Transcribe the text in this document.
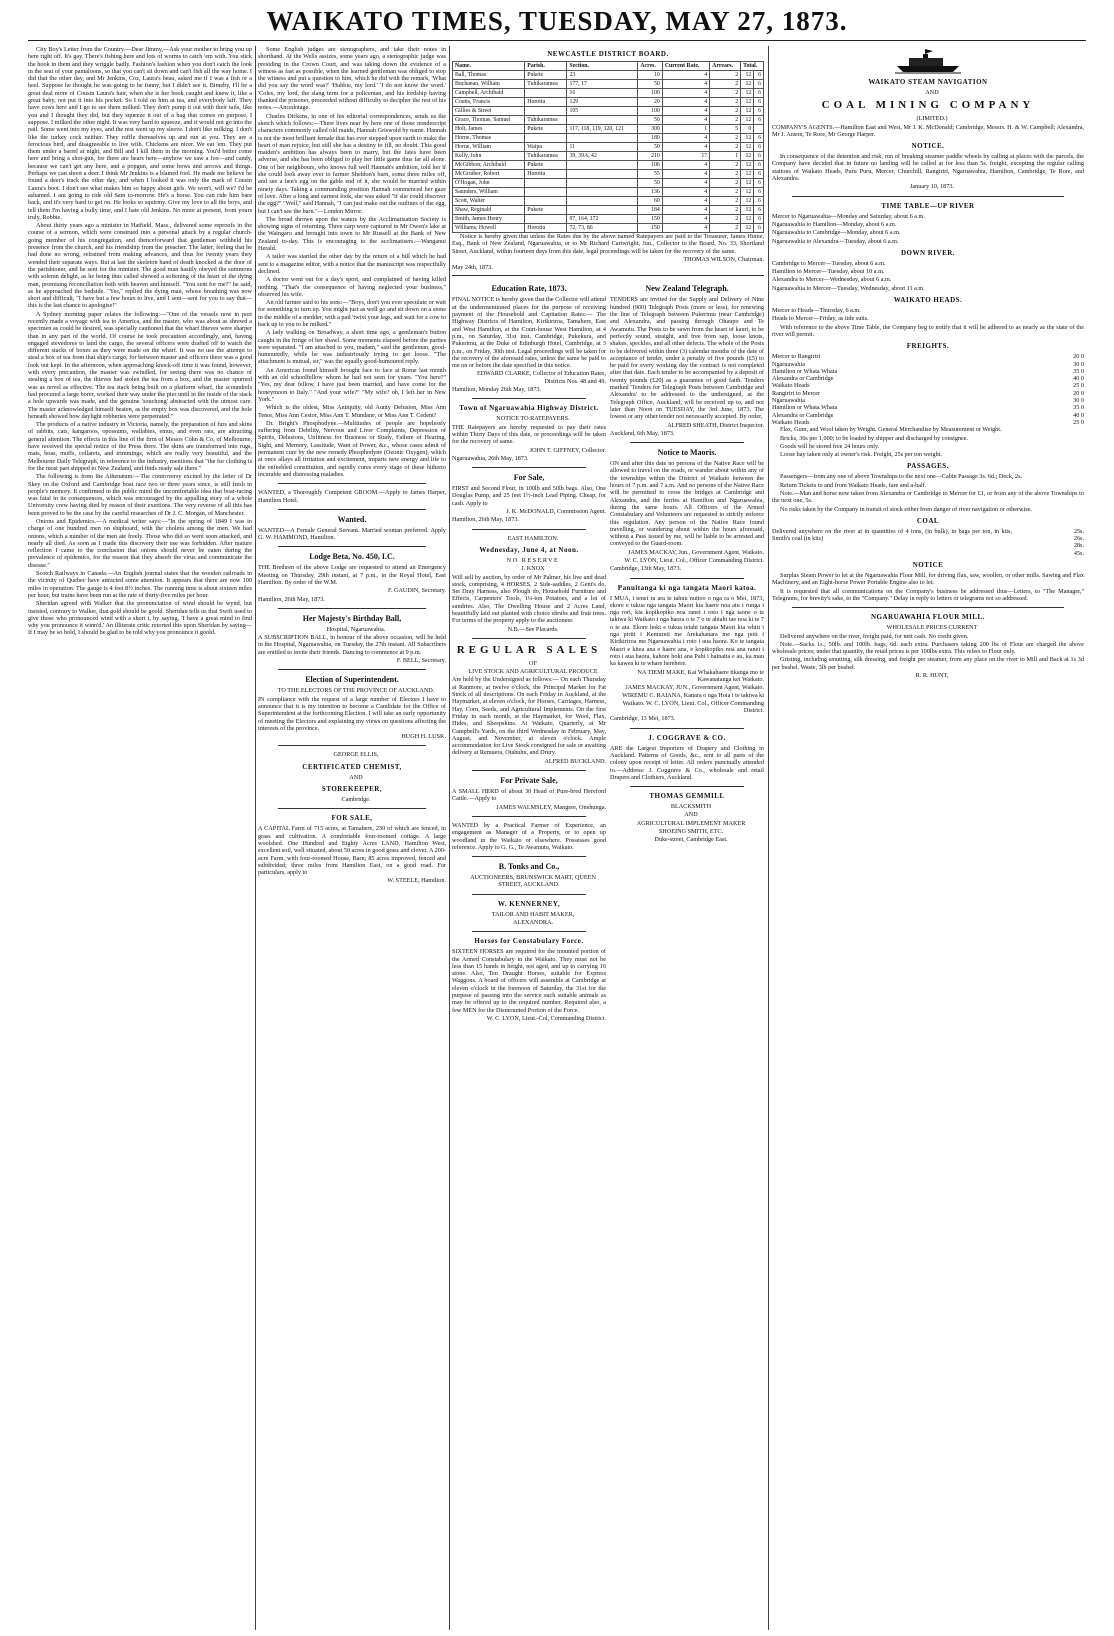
WAIKATO TIMES, TUESDAY, MAY 27, 1873.

City Boy's Letter from the Country.—Dear Jimmy,—Ask your mother to bring you up here right off. It's gay. There's fishing here and lots of worms to catch 'em with. You stick the hook in them and they wriggle badly. Fashion's fashion when you don't catch the look in the seat of your pantaloons, so that you can't sit down and can't fish all the way home. I did that the other day, and Mr Jenkins, Coz, Laura's beau, asked me if I was a fish or a heel. Suppose he thought he was going to be funny, but I didn't see it. Bimeby, I'll be a great deal more of Cousin Laura's hair, when she is her book caught and knew it, like a great baby, not put it into his pocket. So I told on him at tea, and everybody laff. They have cows here and I go to see them milked. They don't pump it out with their tails, like you and I thought they did, but they squeeze it out of a bag that comes on purpose, I suppose. I milked the other night. It was very hard to squeeze, and it would not go into the pail. Some went into my eyes, and the rest went up my sleeve. I don't like milking. I don't like the turkey cock neither. They ruffle themselves up and run at you. They are a ferocious bird, and disagreeable to live with. Chickens are nicer. We eat 'em. They put them under a barrel at night, and Bill and I kill them in the morning. You'd better come here and bring a shot-gun, for there are bears here—anyhow we saw a fox—and candy, because we can't get any here, and a popgun, and some bows and arrows and things. Perhaps we can shoot a deer. I think Mr Jenkins is a blamed fool. He made me believe he found a deer's track the other day, and when I looked it was only the mark of Cousin Laura's boot. I don't see what makes him so happy about girls. We won't, will we? I'd be ashamed. I am going to ride old Sam to-morrow. He's a horse. You can ride him bare back, and it's very hard to get on. He looks so squirmy. Give my love to all the boys, and tell them I'm having a bully time, and I hate old Jenkins. No more at present, from yours truly, Robbie.

About thirty years ago a minister in Hatfield, Mass., delivered some reproofs in the course of a sermon, which were construed into a personal attack by a regular church-going member of his congregation, and thenceforward that gentleman withheld his presence from the church, and his friendship from the preacher. The latter, feeling that he had done no wrong, refrained from making advances, and thus for twenty years they wended their separate ways. But at last the skeleton hand of death knocked at the door of the parishioner, and he sent for the minister. The good man hastily obeyed the summons with solemn delight, as he being thus called showed a softening of the heart of the dying man, promising reconciliation both with heaven and himself. "You sent for me?" he said, as he approached the bedside. "Yes," replied the dying man, whose breathing was now short and difficult, "I have but a few hours to live, and I sent—sent for you to say that—this is the last chance to apologise!"

A Sydney morning paper relates the following:—"One of the vessels now in port recently made a voyage with tea to America, and the master, who was about as shrewd a specimen as could be desired, was specially cautioned that the wharf thieves were sharper than in any part of the world. Of course he took precaution accordingly, and, having engaged stevedores to land the cargo, the several officers were drafted off to watch the different stacks of boxes as they were made on the wharf. It was no use the attempt to steal a box of tea from that ship's cargo, for between master and officers there was a good look out kept. In the afternoon, when approaching knock-off time it was found, however, with every precaution, the master was swindled, for seeing there was no chance of stealing a box of tea, the thieves had stolen the tea from a box, and the master spurned was as novel as effective. The tea stack being built on a platform wharf, the scoundrels had procured a large borer, worked their way under the pier until in the inside of the stack a hole upwards was made, and the genuine 'souchong' abstracted with the utmost care. The master acknowledged himself beaten, as the empty box was discovered, and the hole beneath showed how daylight robberies were perpetrated."

The products of a native industry in Victoria, namely, the preparation of furs and skins of rabbits, cats, kangaroos, opossums, wallabies, emus, and even rats, are attracting general attention. The effects in this line of the firm of Messrs Cohn & Co, of Melbourne, have received the special notice of the Press there. The skins are transformed into rugs, mats, boas, muffs, collarets, and trimmings, which are really very beautiful, and the Melbourne Daily Telegraph, in reference to the industry, mentions that "the fur clothing is for the most part shipped to New Zealand, and finds ready sale there."

The following is from the Athenæum:—The controversy excited by the letter of Dr Skey on the Oxford and Cambridge boat race two or three years since, is still fresh in people's memory. It confirmed in the public mind the uncomfortable idea that boat-racing was fatal in its consequences, which was encouraged by the appalling story of a whole University crew having died by reason of their exertions. The very reverse of all this has been proved to be the case by the careful researches of Dr J. C. Morgan, of Manchester.

Onions and Epidemics.—A medical writer says:—"In the spring of 1849 I was in charge of one hundred men on shipboard, with the cholera among the men. We had onions, which a number of the men ate freely. Those who did so were soon attacked, and nearly all died. As soon as I made this discovery their use was forbidden. After mature reflection I came to the conclusion that onions should never be eaten during the prevalence of epidemics, for the reason that they absorb the virus and communicate the disease."

Scotch Railways in Canada.—An English journal states that the wooden railroads in the vicinity of Quebec have attracted some attention. It appears that there are now 100 miles in operation. The gauge is 4 feet 8½ inches. The running time is about sixteen miles per hour, but trains have been run at the rate of thirty-five miles per hour.

Sheridan agreed with Walker that the pronunciation of wind should be wynd, but insisted, contrary to Walker, that gold should be goold. Sheridan tells us that Swift used to give those who pronounced wind with a short i, by saying, 'I have a great mind to find why you pronounce it winn'd.' An illiterate critic retorted this upon Sheridan by saying—If I may be so bold, I should be glad to be told why you pronounce it goold.

Some English judges are stenographers, and take their notes in shorthand. At the Wells assizes, some years ago, a stenographic judge was presiding in the Crown Court, and was taking down the evidence of a witness as fast as possible, when the learned gentleman was obliged to stop the witness and put a question to him, which he did with the remark, 'What did you say the word was?' 'Hubbie, my lord.' 'I do not know the word.' 'Coles, my lord, the slang term for a policeman, and his lordship having thanked the prisoner, proceeded without difficulty to decipher the rest of his notes.—Ancedotage.

Charles Dickens, in one of his editorial correspondences, sends us the sketch which follows:—There lives near by here one of those nondescript characters commonly called old maids, Hannah Griswold by name. Hannah is not the most brilliant female that has ever stepped upon earth to make the heart of man rejoice, but still she has a destiny to fill, no doubt. This good maiden's ambition has always been to marry, but the fates have been adverse, and she has been obliged to play her little game thus far all alone. One of her neighbours, who knows full well Hannah's ambition, told her if she could look away over to farmer Sheldon's barn, some three miles off, and see a hen's egg on the gable end of it, she would be married within ninety days. Taking a commanding position Hannah commenced her gaze of love. After a long and earnest look, she was asked "if she could discover the egg?" "Well," said Hannah, "I can just make out the outlines of the egg, but I can't see the barn."—London Mirror.

The broad thrown upon the waters by the Acclimatisation Society is showing signs of returning. Three carp were captured in Mr Owen's lake at the Waingaro and brought into town to Mr Russell at the Bank of New Zealand to-day. This is encouraging to the acclimatisers.—Wanganui Herald.

A tailor was startled the other day by the return of a bill which he had sent to a magazine editor, with a notice that the manuscript was respectfully declined.

A doctor went out for a day's sport, and complained of having killed nothing. "That's the consequence of having neglected your business," observed his wife.

An old farmer said to his sons:—"Boys, don't you ever speculate or wait for something to turn up. You might just as well go and sit down on a stone in the middle of a medder, with a pail 'twixt your legs, and wait for a cow to back up to you to be milked."

A lady walking on Broadway, a short time ago, a gentleman's button caught in the fringe of her shawl. Some moments elapsed before the parties were separated. "I am attached to you, madam," said the gentleman, good-humouredly, while he was industriously trying to get loose. "The attachment is mutual, sir," was the equally good-humoured reply.

An American found himself brought face to face at Rome last month with an old schoolfellow whom he had not seen for years. "You here?" "Yes, my dear fellow, I have just been married, and have come for the honeymoon to Italy." "And your wife?" "My wife? oh, I left her in New York."

Which is the oldest, Miss Antiquity, old Aunty Delusion, Miss Ann Tenor, Miss Ann Cestor, Miss Ann T. Mundane, or Miss Ann T. Cedent?

Dr. Bright's Phosphodyne.—Multitudes of people are hopelessly suffering from Debility, Nervous and Liver Complaints, Depression of Spirits, Delusions, Unfitness for Business or Study, Failure of Hearing, Sight, and Memory, Lassitude, Want of Power, &c., whose cases admit of permanent cure by the new remedy Phosphodyne (Ozonic Oxygen), which at once allays all irritation and excitement, imparts new energy and life to the enfeebled constitution, and rapidly cures every stage of these hitherto incurable and distressing maladies.

WANTED, a Thoroughly Competent GROOM.—Apply to James Harper, Hamilton Hotel.

Wanted.

WANTED—A Female General Servant. Married woman preferred. Apply G. W. HAMMOND, Hamilton.

Lodge Beta, No. 450, I.C.

THE Brethren of the above Lodge are requested to attend an Emergency Meeting on Thursday, 29th instant, at 7 p.m., in the Royal Hotel, East Hamilton. By order of the W.M.

F. GAUDIN, Secretary.

Hamilton, 26th May, 1873.

Her Majesty's Birthday Ball,

Hospital, Ngaruawahia.

A SUBSCRIPTION BALL, in honour of the above occasion, will be held in the Hospital, Ngaruawahia, on Tuesday, the 27th instant. All Subscribers are entitled to invite their friends. Dancing to commence at 9 p.m.

F. BELL, Secretary.

Election of Superintendent.

TO THE ELECTORS OF THE PROVINCE OF AUCKLAND.

IN compliance with the request of a large number of Electors I have to announce that it is my intention to become a Candidate for the Office of Superintendent at the forthcoming Election. I will take an early opportunity of meeting the Electors and explaining my views on questions affecting the interests of the province.

HUGH H. LUSK.

GEORGE ELLIS,

CERTIFICATED CHEMIST,

AND

STOREKEEPER,

Cambridge.

FOR SALE,

A CAPITAL Farm of 715 acres, at Tamahere, 230 of which are fenced, in grass and cultivation. A comfortable four-roomed cottage. A large woolshed. One Hundred and Eighty Acres LAND, Hamilton West, excellent soil, well situated, about 50 acres in good grass and clover. A 200-acre Farm, with four-roomed House, Barn; 85 acres improved, fenced and subdivided; three miles from Hamilton East, on a good road. For particulars, apply to

W. STEELE, Hamilton.

NEWCASTLE DISTRICT BOARD.
Name.	Parish.	Section.	Acres.	Current Rate.	Arrears.	Total.	
Ball, Thomas	Pukete	23	10	4	2	12	6
Buchanan, William	Tuhikaramea	177, 17	50	4	2	12	6
Campbell, Archibald		16	100	4	2	12	6
Coutts, Francis	Horotiu	129	20	4	2	12	6
Gillies & Street		105	100	4	2	12	6
Grace, Thomas, Samuel	Tuhikaramea		50	4	2	12	6
Holt, James	Pukete	117, 118, 119, 120, 121	300	1	5	0	
Horne, Thomas			180	4	2	12	6
Horne, William	Waipa	11	50	4	2	12	6
Kelly, John	Tuhikaramea	39, 39A, 42	210	17	1	12	6
McGibbon, Archibald	Pukete		106	4	2	12	6
McGruther, Robert	Horotiu		55	4	2	12	6
O'Hogan, John			50	4	2	12	6
Saunders, William			136	4	2	12	6
Scott, Walter			60	4	2	12	6
Shaw, Reginald	Pukete		184	4	2	12	6
Smith, James Henry		97, 164, 172	150	4	2	12	6
Williams, Howell	Horotiu	72, 73, 86	150	4	2	12	6

Notice is hereby given that unless the Rates due by the above named Ratepayers are paid to the Treasurer, James Hume, Esq., Bank of New Zealand, Ngaruawahia, or to Mr Richard Cartwright, Jun., Collector to the Board, No. 33, Shortland Street, Auckland, within fourteen days from this date, legal proceedings will be taken for the recovery of the same.

THOMAS WILSON, Chairman.

May 24th, 1873.

Education Rate, 1873.

FINAL NOTICE is hereby given that the Collector will attend at the undermentioned places for the purpose of receiving payment of the Household and Capitation Rates:— The Highway Districts of Hamilton, Kirikiriroa, Tamahere, East and West Hamilton, at the Court-house West Hamilton, at 4 p.m., on Saturday, 31st inst. Cambridge, Pukekura, and Pukerimu, at the Duke of Edinburgh Hotel, Cambridge, at 3 p.m., on Friday, 30th inst. Legal proceedings will be taken for the recovery of the aforesaid rates, unless the same be paid to me on or before the date specified in this notice.

EDWARD CLARKE, Collector of Education Rates, Districts Nos. 48 and 49.

Hamilton, Monday 26th May, 1873.

Town of Ngaruawahia Highway District.

NOTICE TO RATEPAYERS.

THE Ratepayers are hereby requested to pay their rates within Thirty Days of this date, or proceedings will be taken for the recovery of same.

JOHN T. GIFFNEY, Collector.

Ngaruawahia, 26th May, 1873.

For Sale,

FIRST and Second Flour, in 100lb and 50lb bags. Also, One Douglas Pump, and 25 feet 1½-inch Lead Piping. Cheap, for cash. Apply to

J. K. McDONALD, Commission Agent.

Hamilton, 26th May, 1873.

EAST HAMILTON.

Wednesday, June 4, at Noon.

NO RESERVE

J. KNOX

Will sell by auction, by order of Mr Palmer, his live and dead stock, comprising, 4 HORSES, 2 Side-saddles, 2 Gent's do, Set Dray Harness, also Plough do, Household Furniture and Effects, Carpenters' Tools, 1¼-ton Potatoes, and a lot of sundries. Also, The Dwelling House and 2 Acres Land, beautifully laid out planted with choice shrubs and fruit trees. For terms of the property apply to the auctioneer.

N.B.—See Placards.

REGULAR SALES

OF

LIVE STOCK AND AGRICULTURAL PRODUCE

Are held by the Undersigned as follows:— On each Thursday at Ranmore, at twelve o'clock, the Principal Market for Fat Stock of all descriptions. On each Friday in Auckland, at the Haymarket, at eleven o'clock, for Horses, Carriages, Harness, Hay, Corn, Seeds, and Agricultural Implements. On the first Friday in each month, at the Haymarket, for Wool, Flax, Hides, and Sheepskins. At Waikato, Quarterly, at Mr Campbell's Yards, on the third Wednesday in February, May, August, and November, at eleven o'clock. Ample accommodation for Live Stock consigned for sale or awaiting delivery at Remuera, Otahuhu, and Drury.

ALFRED BUCKLAND.

For Private Sale,

A SMALL HERD of about 30 Head of Pure-bred Hereford Cattle.—Apply to

JAMES WALMSLEY, Mangere, Onehunga.

WANTED by a Practical Farmer of Experience, an engagement as Manager of a Property, or to open up woodland in the Waikato or elsewhere. Possesses good reference. Apply to G. G., Te Awamutu, Waikato.

B. Tonks and Co.,

AUCTIONEERS, BRUNSWICK MART, QUEEN STREET, AUCKLAND.

W. KENNERNEY,

TAILOR AND HABIT MAKER,

ALEXANDRA.

Horses for Constabulary Force.

SIXTEEN HORSES are required for the mounted portion of the Armed Constabulary in the Waikato. They must not be less than 15 hands in height, not aged, and up to carrying 16 stone. Also, Ten Draught Horses, suitable for Express Waggons. A board of officers will assemble at Cambridge at eleven o'clock in the forenoon of Saturday, the 31st for the purpose of passing into the service such suitable animals as may be offered up to the required number. Required also, a few MEN for the Dismounted Portion of the Force.

W. C. LYON, Lieut.-Col, Commanding District.

New Zealand Telegraph.

TENDERS are invited for the Supply and Delivery of Nine hundred (900) Telegraph Posts (more or less), for renewing the line of Telegraph between Pukerimu (near Cambridge) and Alexandra, and passing through Ohaupo and Te Awamutu. The Posts to be sawn from the heart of kauri, to be perfectly sound, straight, and free from sap, loose knots, shakes, speckles, and all other defects. The whole of the Posts to be delivered within three (3) calendar months of the date of acceptance of tender, under a penalty of five pounds (£5) to be paid for every working day the contract is not completed after that date. Each tender to be accompanied by a deposit of twenty pounds (£20) as a guarantee of good faith. Tenders marked 'Tenders for Telegraph Posts between Cambridge and Alexandra' to be addressed to the undersigned, at the Telegraph Office, Auckland, will be received up to, and not later than Noon on TUESDAY, the 3rd June, 1873. The lowest or any other tender not necessarily accepted. By order,

ALFRED SHEATH, District Inspector.

Auckland, 6th May, 1873.

Notice to Maoris.

ON and after this date no persons of the Native Race will be allowed to travel on the roads, or wander about within any of the townships within the District of Waikato between the hours of 7 p.m. and 7 a.m. And no persons of the Native Race will be permitted to cross the bridges at Cambridge and Alexandra, and the ferries at Hamilton and Ngaruawahia, during the same hours. All Officers of the Armed Constabulary and Volunteers are requested to strictly enforce this regulation. Any person of the Native Race found travelling, or wandering about within the hours aforesaid, without a Pass issued by me, will be liable to be arrested and conveyed to the Guard-room.

JAMES MACKAY, Jun., Government Agent, Waikato.

W. C. LYON, Lieut. Col., Officer Commanding District.

Cambridge, 13th May, 1873.

Panuitanga ki nga tangata Maori katoa.

I MUA, i tenei ra ara te tahuu nuitoo o nga ra o Mei, 1873, ekore e tukua nga tangata Maori kia haere noa atu i runga i nga rori, kia kopikopiko noa ranei i roto i nga taone o te takiwa ki Waikato i nga haora o te 7 o te ahiahi tae noa ki te 7 o te ata. Ekore hoki e tukua tetahi tangata Maori kia whiti i nga piriti i Kemureti me Arekahanara me nga poti i Kirikiriroa me Ngaruawahia i roto i aua haora. Ko te tangata Maori e kitea ana e haere ana, e kopikopiko noa ana ranei i roto i aua haora, kahore hoki ana Pahi i hainatia e au, ka mau ka kawea ki te whare herehere.

NA TIEMI MAKE, Kai Whakahaere tikanga mo te Kawanatanga kei Waikato.

JAMES MACKAY, JUN., Government Agent, Waikato.

WIREMU C. RAIANA, Kanara o nga Hoia i te takiwa ki Waikato. W. C. LYON, Lieut. Col., Officer Commanding District.

Cambridge, 13 Mei, 1873.

J. COGGRAVE & CO.

ARE the Largest Importers of Drapery and Clothing in Auckland. Patterns of Goods, &c., sent to all parts of the colony upon receipt of letter. All orders punctually attended to.—Address: J. Coggrave & Co., wholesale and retail Drapers and Clothiers, Auckland.

THOMAS GEMMILL

BLACKSMITH

AND

AGRICULTURAL IMPLEMENT MAKER

SHOEING SMITH, ETC.

Duke-street, Cambridge East.

WAIKATO STEAM NAVIGATION

AND

COAL MINING COMPANY

(LIMITED.)

COMPANY'S AGENTS.—Hamilton East and West, Mr J. K. McDonald; Cambridge, Messrs. H. & W. Campbell; Alexandra, Mr J. Anson, Te Rore, Mr George Harper.

NOTICE.

In consequence of the detention and risk, run of breaking steamer paddle wheels by calling at places with the parcels, the Company have decided that in future no landing will be called at for less than 5s. freight, excepting the regular calling stations of Waikato Heads, Puru Puru, Mercer, Churchill, Rangiriri, Ngaruawahia, Hamilton, Cambridge, Te Rore, and Alexandra.

January 10, 1873.

TIME TABLE—UP RIVER

Mercer to Ngaruawahia—Monday and Saturday, about 6 a.m.

Ngaruawahia to Hamilton—Monday, about 6 a.m.

Ngaruawahia to Cambridge—Monday, about 6 a.m.

Ngaruawahia to Alexandra—Tuesday, about 6 a.m.

DOWN RIVER.

Cambridge to Mercer—Tuesday, about 6 a.m.

Hamilton to Mercer—Tuesday, about 10 a.m.

Alexandra to Mercer—Wednesday, about 6 a.m.

Ngaruawahia to Mercer—Tuesday, Wednesday, about 11 a.m.

WAIKATO HEADS.

Mercer to Heads—Thursday, 6 a.m.

Heads to Mercer—Friday, as tide suits.

With reference to the above Time Table, the Company beg to notify that it will be adhered to as nearly as the state of the river will permit.

FREIGHTS.
Mercer to Rangiriri	20 0
Ngaruawahia	30 0
Hamilton or Whata Whata	35 0
Alexandra or Cambridge	40 0
Waikato Heads	25 0
Rangiriri to Mercer	20 0
Ngaruawahia	30 0
Hamilton or Whata Whata	35 0
Alexandra or Cambridge	40 0
Waikato Heads	25 0

Flax, Gum, and Wool taken by Weight. General Merchandise by Measurement or Weight.

Bricks, 30s per 1,000; to be loaded by shipper and discharged by consignee.

Goods will be stored free 24 hours only.

Loose hay taken only at owner's risk. Freight, 25s per ton weight.

PASSAGES.

Passengers—from any one of above Townships to the next one—Cabin Passage 3s. 6d.; Deck, 2s.

Return Tickets to and from Waikato Heads, fare and a-half.

Note.—Man and horse now taken from Alexandra or Cambridge to Mercer for £1, or from any of the above Townships to the next one, 5s.

No risks taken by the Company in transit of stock either from danger of river navigation or otherwise.

COAL

Delivered anywhere on the river at in quantities of 4 tons, (in bulk), in bags per ton, in kits, Smith's coal (in kits)

25s.
26s.
28s.
45s.
NOTICE

Surplus Steam Power to let at the Ngaruawahia Flour Mill, for driving flax, saw, woollen, or other mills. Sawing and Flax Machinery, and an Eight-horse Power Portable Engine also to let.

It is requested that all communications on the Company's business be addressed thus—Letters, to "The Manager," Telegrams, for brevity's sake, to the "Company." Delay in reply to letters or telegrams not so addressed.

NGARUAWAHIA FLOUR MILL.

WHOLESALE PRICES CURRENT

Delivered anywhere on the river, freight paid, for nett cash. No credit given.

Note.—Sacks 1s.; 50lb. and 100lb. bags, 6d. each extra. Purchasers taking 200 lbs of Flour are charged the above wholesale prices; under that quantity, the retail prices is per 100lbs extra. This refers to Flour only.

Gristing, including smutting, silk dressing, and freight per steamer, from any place on the river to Mill and Back at 1s 3d per bushel. Waste, 3lb per bushel.

R. R. HUNT,
